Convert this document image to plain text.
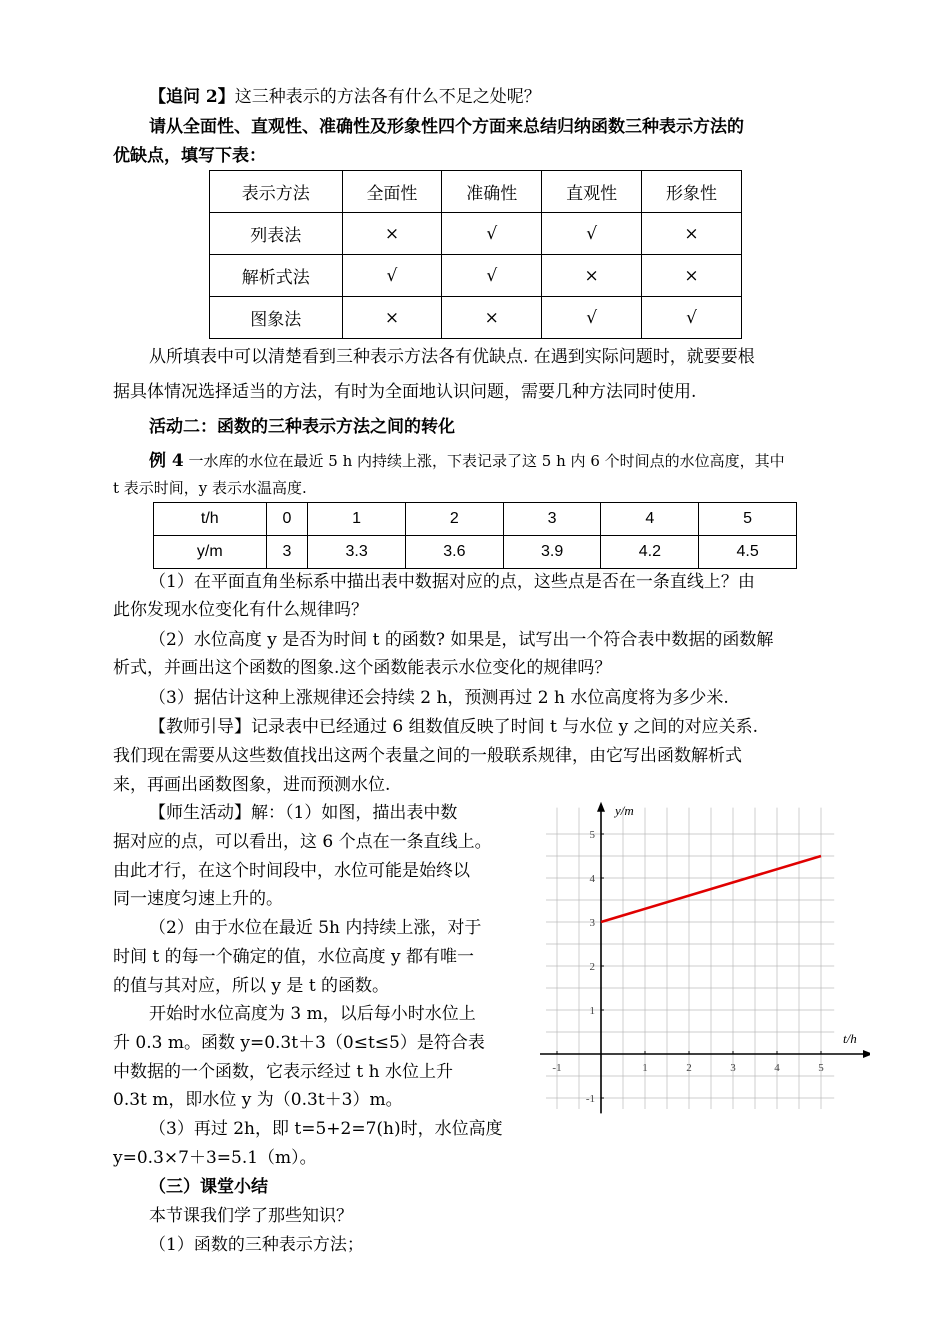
【追问 2】这三种表示的方法各有什么不足之处呢？
请从全面性、直观性、准确性及形象性四个方面来总结归纳函数三种表示方法的
优缺点，填写下表：
表示方法	全面性	准确性	直观性	形象性
列表法	×	√	√	×
解析式法	√	√	×	×
图象法	×	×	√	√
从所填表中可以清楚看到三种表示方法各有优缺点. 在遇到实际问题时，就要要根
据具体情况选择适当的方法，有时为全面地认识问题，需要几种方法同时使用.
活动二：函数的三种表示方法之间的转化
例 4 一水库的水位在最近 5 h 内持续上涨，下表记录了这 5 h 内 6 个时间点的水位高度，其中
t 表示时间，y 表示水温高度.
t/h	0	1	2	3	4	5
y/m	3	3.3	3.6	3.9	4.2	4.5
（1）在平面直角坐标系中描出表中数据对应的点，这些点是否在一条直线上？由
此你发现水位变化有什么规律吗？
（2）水位高度 y 是否为时间 t 的函数? 如果是，试写出一个符合表中数据的函数解
析式，并画出这个函数的图象.这个函数能表示水位变化的规律吗？
（3）据估计这种上涨规律还会持续 2 h，预测再过 2 h 水位高度将为多少米.
【教师引导】记录表中已经通过 6 组数值反映了时间 t 与水位 y 之间的对应关系.
我们现在需要从这些数值找出这两个表量之间的一般联系规律，由它写出函数解析式
来，再画出函数图象，进而预测水位.
【师生活动】解：（1）如图，描出表中数
据对应的点，可以看出，这 6 个点在一条直线上。
由此才行，在这个时间段中，水位可能是始终以
同一速度匀速上升的。
（2）由于水位在最近 5h 内持续上涨，对于
时间 t 的每一个确定的值，水位高度 y 都有唯一
的值与其对应，所以 y 是 t 的函数。
开始时水位高度为 3 m，以后每小时水位上
升 0.3 m。函数 y=0.3t＋3（0≤t≤5）是符合表
中数据的一个函数，它表示经过 t h 水位上升
0.3t m，即水位 y 为（0.3t＋3）m。
（3）再过 2h，即 t=5+2=7(h)时，水位高度
y=0.3×7＋3=5.1（m）。
（三）课堂小结
本节课我们学了那些知识？
（1）函数的三种表示方法；
-1	1	2	3	4	5
-1
1
2
3
4
5
t/h
y/m
